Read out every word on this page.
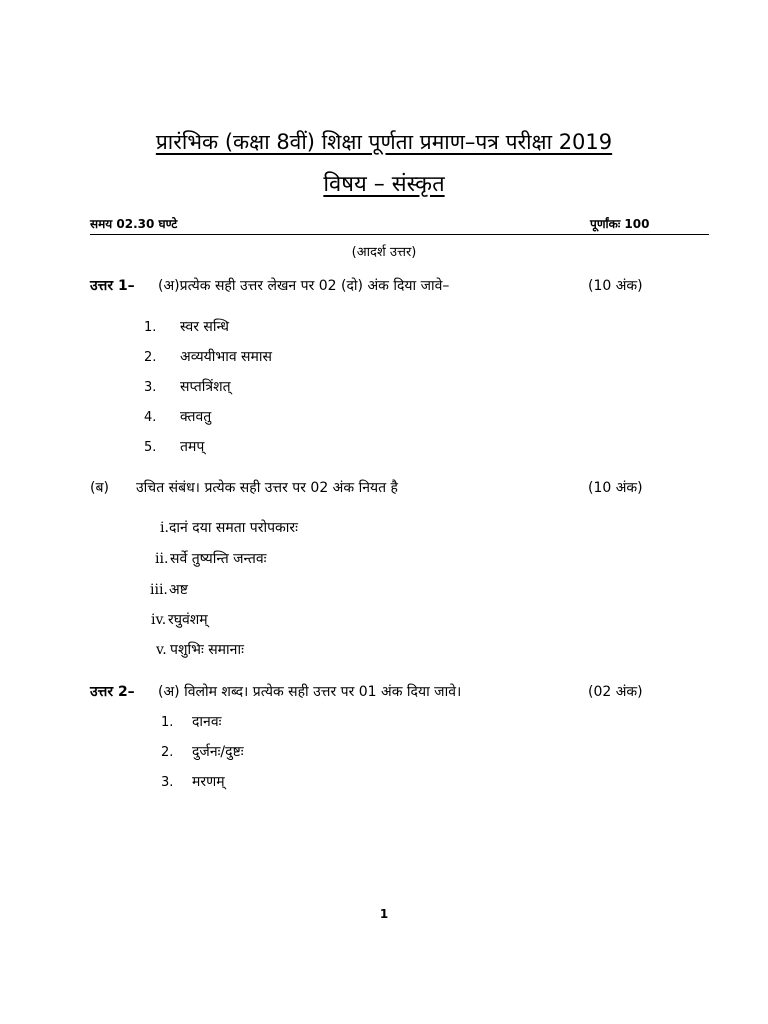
प्रारंभिक (कक्षा 8वीं) शिक्षा पूर्णता प्रमाण–पत्र परीक्षा 2019
विषय – संस्कृत
समय 02.30 घण्टे	पूर्णांकः 100
(आदर्श उत्तर)
उत्तर 1– (अ)प्रत्येक सही उत्तर लेखन पर 02 (दो) अंक दिया जावे–	(10 अंक)
1. स्वर सन्धि
2. अव्ययीभाव समास
3. सप्तत्रिंशत्
4. क्तवतु
5. तमप्
(ब) उचित संबंध। प्रत्येक सही उत्तर पर 02 अंक नियत है	(10 अंक)
i. दानं दया समता परोपकारः
ii. सर्वे तुष्यन्ति जन्तवः
iii. अष्ट
iv. रघुवंशम्
v. पशुभिः समानाः
उत्तर 2– (अ) विलोम शब्द। प्रत्येक सही उत्तर पर 01 अंक दिया जावे।	(02 अंक)
1. दानवः
2. दुर्जनः/दुष्टः
3. मरणम्
1
